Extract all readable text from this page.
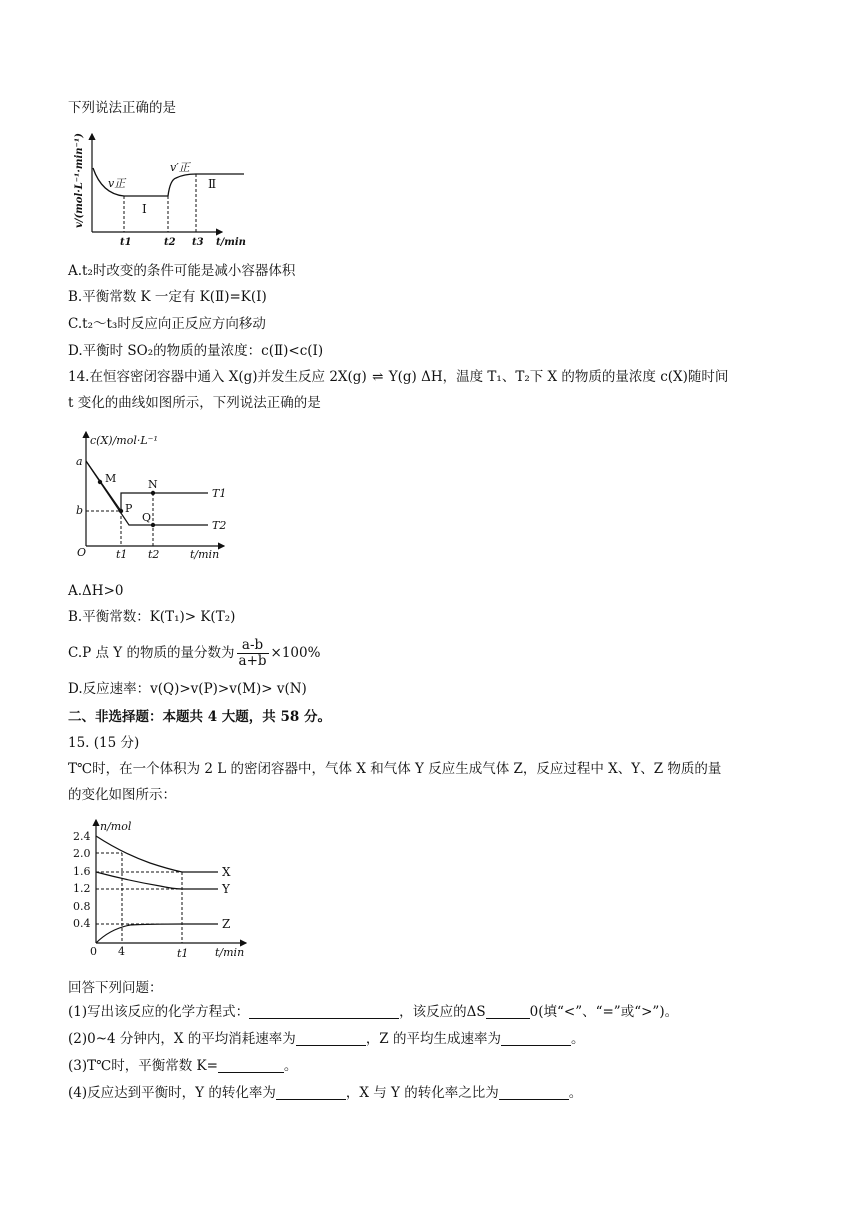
下列说法正确的是
v/(mol·L⁻¹·min⁻¹) v正
v′正
Ⅰ
Ⅱ
t1	t2 t3 t/min
A.t₂时改变的条件可能是减小容器体积
B.平衡常数 K 一定有 K(Ⅱ)=K(Ⅰ)
C.t₂～t₃时反应向正反应方向移动
D.平衡时 SO₂的物质的量浓度：c(Ⅱ)<c(Ⅰ)
14.在恒容密闭容器中通入 X(g)并发生反应 2X(g) ⇌ Y(g) ΔH，温度 T₁、T₂下 X 的物质的量浓度 c(X)随时间
t 变化的曲线如图所示，下列说法正确的是
c(X)/mol·L⁻¹
O
a
b
M	N
P
Q
T1
T2
t1 t2	t/min
A.ΔH>0
B.平衡常数：K(T₁)> K(T₂)
C.P 点 Y 的物质的量分数为 $\frac{a-b}{a+b} \times 100\%$
D.反应速率：v(Q)>v(P)>v(M)> v(N)
二、非选择题：本题共 4 大题，共 58 分。
15. (15 分)
T℃时，在一个体积为 2 L 的密闭容器中，气体 X 和气体 Y 反应生成气体 Z，反应过程中 X、Y、Z 物质的量
的变化如图所示：
n/mol
2.4
2.0
1.6
1.2
0.8
0.4
0
X
Y
Z
4	t1 t/min
回答下列问题：
(1)写出该反应的化学方程式：	，该反应的ΔS	0(填“<”、“=”或“>”)。
(2)0~4 分钟内，X 的平均消耗速率为	，Z 的平均生成速率为	。
(3)T℃时，平衡常数 K=	。
(4)反应达到平衡时，Y 的转化率为	，X 与 Y 的转化率之比为	。
